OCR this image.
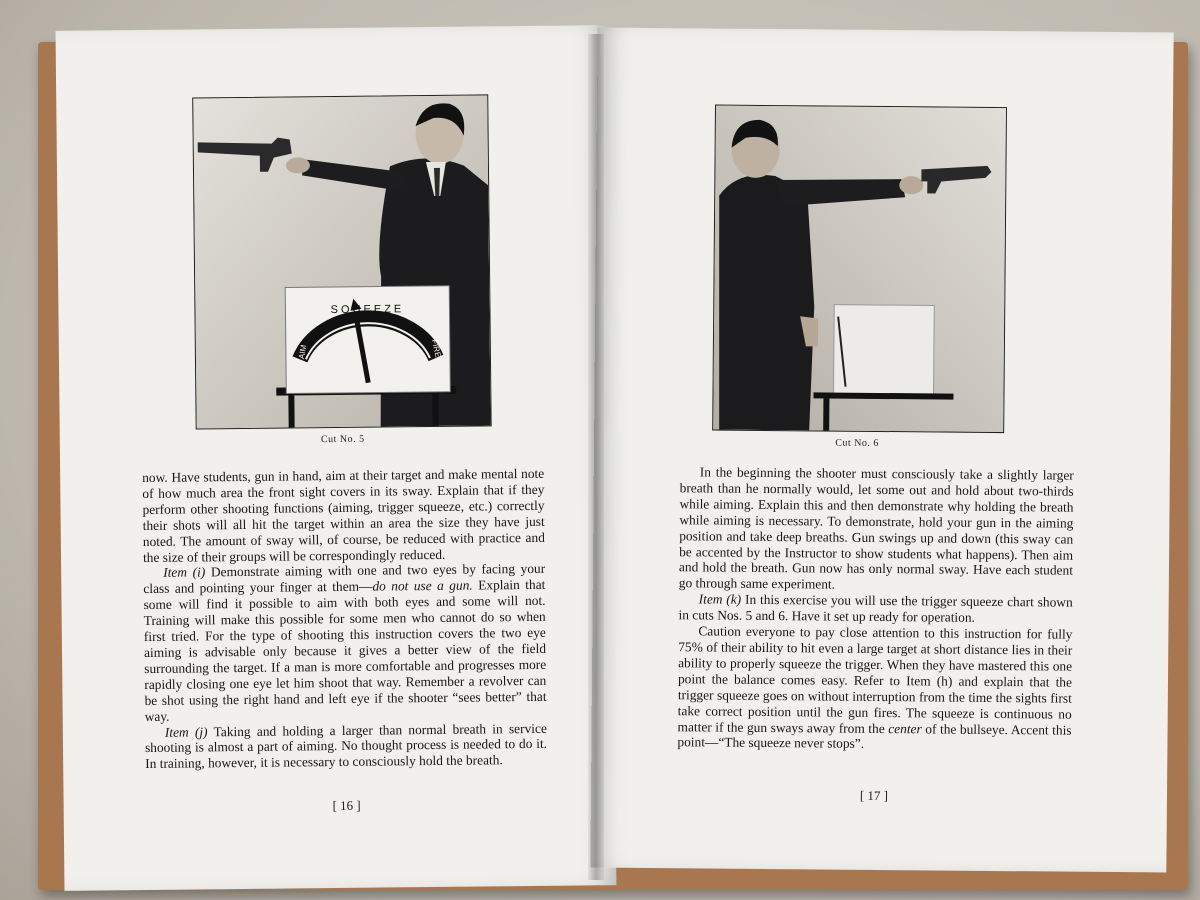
SQUEEZE
AIM	FIRE
Cut No. 5

now. Have students, gun in hand, aim at their target and make mental note of how much area the front sight covers in its sway. Explain that if they perform other shooting functions (aiming, trigger squeeze, etc.) correctly their shots will all hit the target within an area the size they have just noted. The amount of sway will, of course, be reduced with practice and the size of their groups will be correspondingly reduced.

Item (i) Demonstrate aiming with one and two eyes by facing your class and pointing your finger at them—do not use a gun. Explain that some will find it possible to aim with both eyes and some will not. Training will make this possible for some men who cannot do so when first tried. For the type of shooting this instruction covers the two eye aiming is advisable only because it gives a better view of the field surrounding the target. If a man is more comfortable and progresses more rapidly closing one eye let him shoot that way. Remember a revolver can be shot using the right hand and left eye if the shooter “sees better” that way.

Item (j) Taking and holding a larger than normal breath in service shooting is almost a part of aiming. No thought process is needed to do it. In training, however, it is necessary to consciously hold the breath.

[ 16 ]
Cut No. 6

In the beginning the shooter must consciously take a slightly larger breath than he normally would, let some out and hold about two-thirds while aiming. Explain this and then demonstrate why holding the breath while aiming is necessary. To demonstrate, hold your gun in the aiming position and take deep breaths. Gun swings up and down (this sway can be accented by the Instructor to show students what happens). Then aim and hold the breath. Gun now has only normal sway. Have each student go through same experiment.

Item (k) In this exercise you will use the trigger squeeze chart shown in cuts Nos. 5 and 6. Have it set up ready for operation.

Caution everyone to pay close attention to this instruction for fully 75% of their ability to hit even a large target at short distance lies in their ability to properly squeeze the trigger. When they have mastered this one point the balance comes easy. Refer to Item (h) and explain that the trigger squeeze goes on without interruption from the time the sights first take correct position until the gun fires. The squeeze is continuous no matter if the gun sways away from the center of the bullseye. Accent this point—“The squeeze never stops”.

[ 17 ]
